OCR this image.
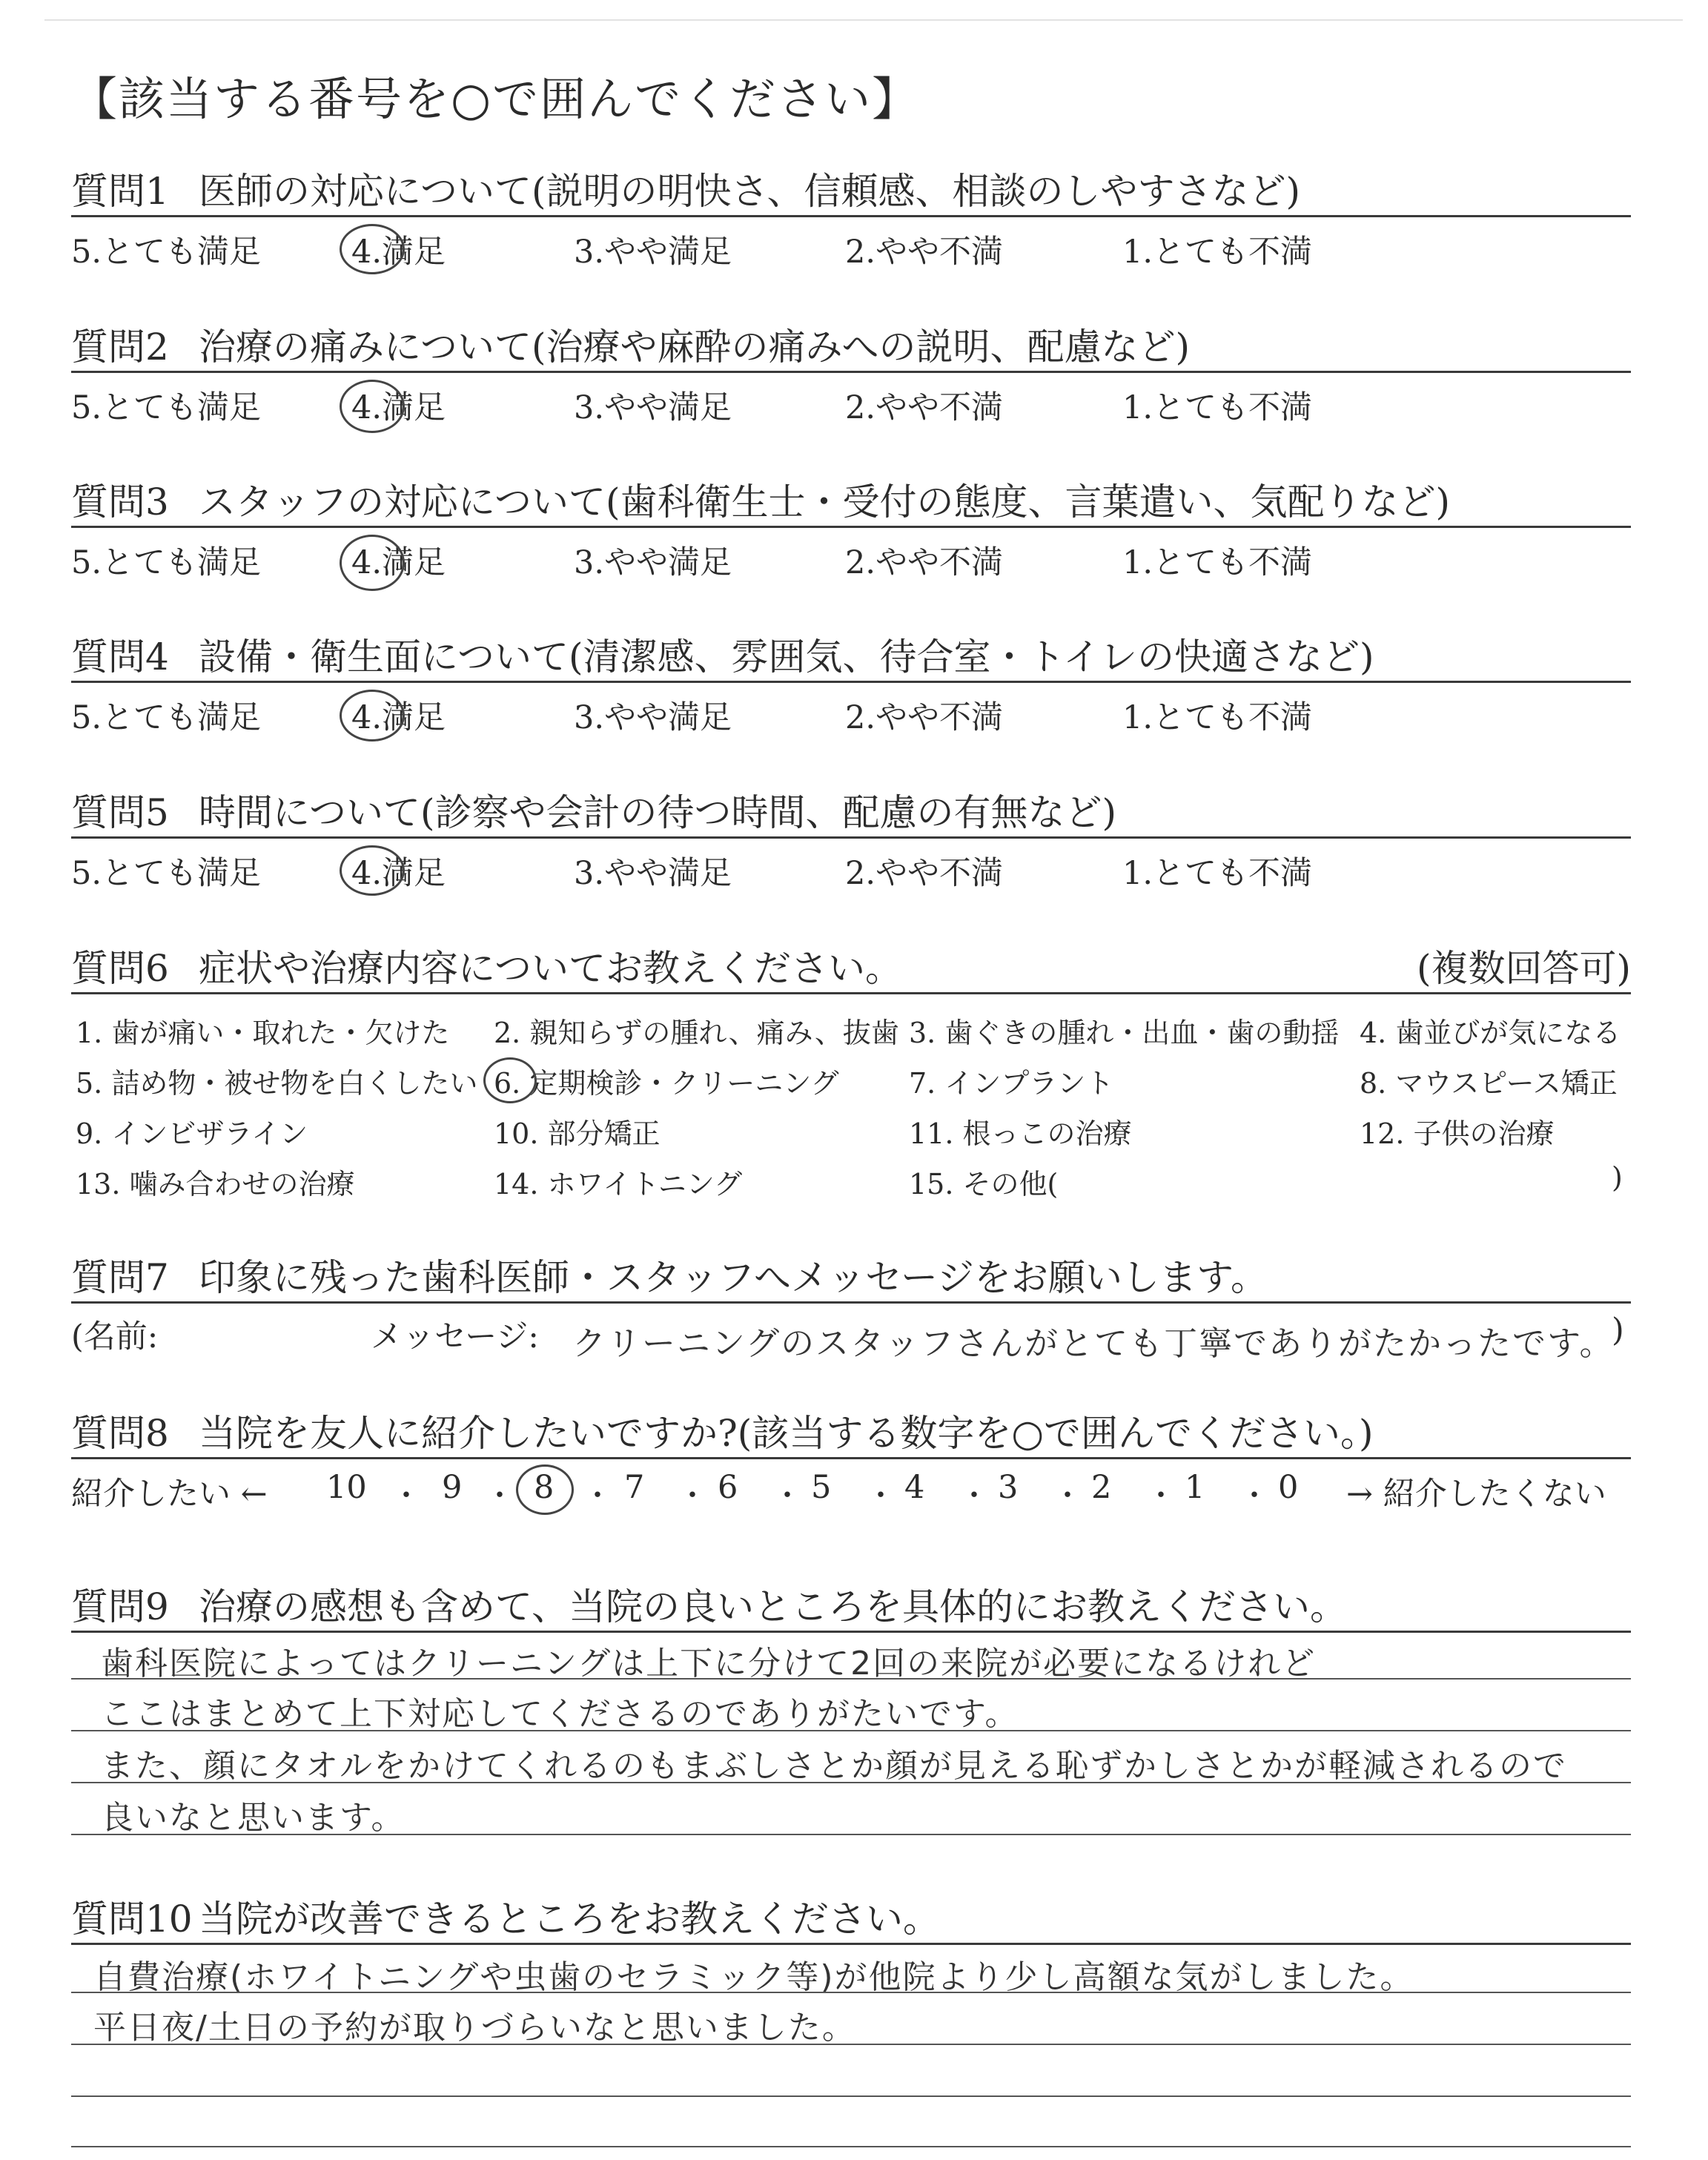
【該当する番号を○で囲んでください】
質問1 医師の対応について(説明の明快さ、信頼感、相談のしやすさなど)
5.とても満足	4.満足	3.やや満足	2.やや不満	1.とても不満
質問2 治療の痛みについて(治療や麻酔の痛みへの説明、配慮など)
5.とても満足	4.満足	3.やや満足	2.やや不満	1.とても不満
質問3 スタッフの対応について(歯科衛生士・受付の態度、言葉遣い、気配りなど)
5.とても満足	4.満足	3.やや満足	2.やや不満	1.とても不満
質問4 設備・衛生面について(清潔感、雰囲気、待合室・トイレの快適さなど)
5.とても満足	4.満足	3.やや満足	2.やや不満	1.とても不満
質問5 時間について(診察や会計の待つ時間、配慮の有無など)
5.とても満足	4.満足	3.やや満足	2.やや不満	1.とても不満
質問6 症状や治療内容についてお教えください。	(複数回答可)
1. 歯が痛い・取れた・欠けた 2. 親知らずの腫れ、痛み、抜歯 3. 歯ぐきの腫れ・出血・歯の動揺 4. 歯並びが気になる
5. 詰め物・被せ物を白くしたい 6. 定期検診・クリーニング 7. インプラント	8. マウスピース矯正
9. インビザライン	10. 部分矯正	11. 根っこの治療	12. 子供の治療
13. 噛み合わせの治療	14. ホワイトニング	15. その他(	)
質問7 印象に残った歯科医師・スタッフへメッセージをお願いします。
(名前:	メッセージ: クリーニングのスタッフさんがとても丁寧でありがたかったです。
)
質問8 当院を友人に紹介したいですか?(該当する数字を○で囲んでください。)
紹介したい ← 10 ・ 9 ・ 8 ・ 7 ・ 6 ・ 5 ・ 4 ・ 3 ・ 2 ・ 1 ・ 0 → 紹介したくない
質問9 治療の感想も含めて、当院の良いところを具体的にお教えください。
歯科医院によってはクリーニングは上下に分けて2回の来院が必要になるけれど
ここはまとめて上下対応してくださるのでありがたいです。
また、顔にタオルをかけてくれるのもまぶしさとか顔が見える恥ずかしさとかが軽減されるので
良いなと思います。
質問10 当院が改善できるところをお教えください。
自費治療(ホワイトニングや虫歯のセラミック等)が他院より少し高額な気がしました。
平日夜/土日の予約が取りづらいなと思いました。
